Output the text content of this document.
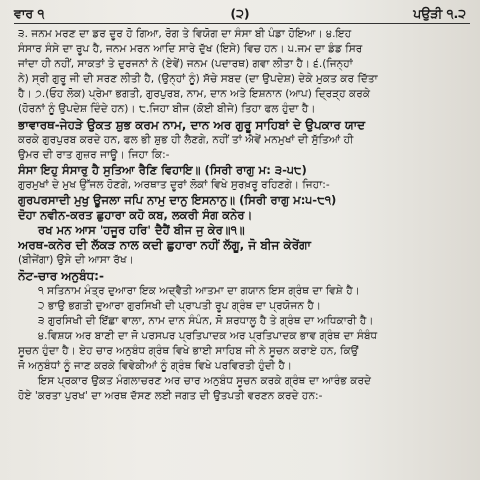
ਵਾਰ ੧	(੨)	ਪਉੜੀ ੧.੨
੩. ਜਨਮ ਮਰਣ ਦਾ ਡਰ ਦੂਰ ਹੋ ਗਿਆ, ਰੋਗ ਤੇ ਵਿਯੋਗ ਦਾ ਸੰਸਾ ਬੀ ਪੰਡਾ ਹੋਇਆ। ੪.ਇਹ
ਸੰਸਾਰ ਸੰਸੇ ਦਾ ਰੂਪ ਹੈ, ਜਨਮ ਮਰਨ ਆਦਿ ਸਾਰੇ ਦੁੱਖ (ਇਸੇ) ਵਿਚ ਹਨ। ੫.ਜਮ ਦਾ ਡੰਡ ਸਿਰ
ਜਾਂਦਾ ਹੀ ਨਹੀਂ, ਸਾਕਤਾਂ ਤੇ ਦੁਰਜਨਾਂ ਨੇ (ਏਵੇਂ) ਜਨਮ (ਪਦਾਰਥ) ਗਵਾ ਲੀਤਾ ਹੈ। ੬.(ਜਿਨ੍ਹਾਂ
ਨੇ) ਸ੍ਰੀ ਗੁਰੂ ਜੀ ਦੀ ਸਰਣ ਲੀਤੀ ਹੈ, (ਉਨ੍ਹਾਂ ਨੂੰ) ਸੱਚੇ ਸਬਦ (ਦਾ ਉਪਦੇਸ਼) ਦੇਕੇ ਮੁਕਤ ਕਰ ਦਿੱਤਾ
ਹੈ। ੭.(ਓਹ ਲੋਕ) ਪ੍ਰੇਮਾ ਭਗਤੀ, ਗੁਰਪੁਰਬ, ਨਾਮ, ਦਾਨ ਅਤੇ ਇਸ਼ਨਾਨ (ਆਪ) ਦ੍ਰਿੜ੍ਹ ਕਰਕੇ
(ਹੋਰਨਾਂ ਨੂੰ ਉਪਦੇਸ਼ ਦਿੰਦੇ ਹਨ)। ੮.ਜਿਹਾ ਬੀਜ (ਕੋਈ ਬੀਜੇ) ਤਿਹਾ ਫਲ ਹੁੰਦਾ ਹੈ।
ਭਾਵਾਰਥ-ਜੇਹੜੇ ਉਕਤ ਸ਼ੁਭ ਕਰਮ ਨਾਮ, ਦਾਨ ਅਰ ਗੁਰੂ ਸਾਹਿਬਾਂ ਦੇ ਉਪਕਾਰ ਯਾਦ
ਕਰਕੇ ਗੁਰਪੁਰਬ ਕਰਦੇ ਹਨ, ਫਲ ਭੀ ਸ਼ੁਭ ਹੀ ਲੈਣਗੇ, ਨਹੀਂ ਤਾਂ ਐਵੇਂ ਮਨਮੁਖਾਂ ਦੀ ਸੁੱਤਿਆਂ ਹੀ
ਉਮਰ ਦੀ ਰਾਤ ਗੁਜ਼ਰ ਜਾਊ। ਜਿਹਾ ਕਿ:-
ਸੰਸਾ ਇਹੁ ਸੰਸਾਰੁ ਹੈ ਸੁਤਿਆ ਰੈਣਿ ਵਿਹਾਇ॥ (ਸਿਰੀ ਰਾਗੁ ਮ: ੩-੫੮)
ਗੁਰਮੁਖਾਂ ਦੇ ਮੁਖ ਉੱਜਲ ਹੋਣਗੇ, ਅਰਥਾਤ ਦੂਰਾਂ ਲੋਕਾਂ ਵਿਖੇ ਸੁਰਖ਼ਰੂ ਰਹਿਣਗੇ। ਜਿਹਾ:-
ਗੁਰਪਰਸਾਦੀ ਮੁਖੁ ਊਜਲਾ ਜਪਿ ਨਾਮੁ ਦਾਨੁ ਇਸਨਾਨੁ॥ (ਸਿਰੀ ਰਾਗੁ ਮ:੫-੮੧)
ਦੋਹਾ ਨਵੀਨ-ਕਰਤ ਛੁਹਾਰਾ ਕਹੋ ਕਬ, ਲਕਰੀ ਸੰਗ ਕਨੇਰ।
ਰਖ ਮਨ ਆਸ 'ਹਜੂਰ ਹਰਿ' ਦੈਹੈਂ ਬੀਜ ਜੁ ਕੇਰ॥੧॥
ਅਰਥ-ਕਨੇਰ ਦੀ ਲੱਕੜ ਨਾਲ ਕਦੀ ਛੁਹਾਰਾ ਨਹੀਂ ਲੱਗੂ, ਜੋ ਬੀਜ ਕੇਰੇਂਗਾ
(ਬੀਜੇਂਗਾ) ਉਸੇ ਦੀ ਆਸਾ ਰੱਖ।
ਨੋਟ-ਚਾਰ ਅਨੁਬੰਧ:-
੧ ਸਤਿਨਾਮ ਮੰਤ੍ਰ ਦੁਆਰਾ ਇਕ ਅਦ੍ਵੈਤੀ ਆਤਮਾ ਦਾ ਗਯਾਨ ਇਸ ਗ੍ਰੰਥ ਦਾ ਵਿਸ਼ੇ ਹੈ।
੨ ਭਾਉ ਭਗਤੀ ਦੁਆਰਾ ਗੁਰਸਿਖੀ ਦੀ ਪ੍ਰਾਪਤੀ ਰੂਪ ਗ੍ਰੰਥ ਦਾ ਪ੍ਰਯੋਜਨ ਹੈ।
੩ ਗੁਰਸਿਖੀ ਦੀ ਇੱਛਾ ਵਾਲਾ, ਨਾਮ ਦਾਨ ਸੰਪੰਨ, ਸੋ ਸ਼ਰਧਾਲੂ ਹੈ ਤੇ ਗ੍ਰੰਥ ਦਾ ਅਧਿਕਾਰੀ ਹੈ।
੪.ਵਿਸ਼ਯ ਅਰ ਬਾਣੀ ਦਾ ਜੋ ਪਰਸਪਰ ਪ੍ਰਤਿਪਾਦਕ ਅਰ ਪ੍ਰਤਿਪਾਦਕ ਭਾਵ ਗ੍ਰੰਥ ਦਾ ਸੰਬੰਧ
ਸੂਚਨ ਹੁੰਦਾ ਹੈ। ਏਹ ਚਾਰ ਅਨੁਬੰਧ ਗ੍ਰੰਥ ਵਿਖੇ ਭਾਈ ਸਾਹਿਬ ਜੀ ਨੇ ਸੂਚਨ ਕਰਾਏ ਹਨ, ਕਿਉਂ
ਜੋ ਅਨੁਬੰਧਾਂ ਨੂੰ ਜਾਣ ਕਰਕੇ ਵਿਵੇਕੀਆਂ ਨੂੰ ਗ੍ਰੰਥ ਵਿਖੇ ਪਰਵਿਰਤੀ ਹੁੰਦੀ ਹੈ।
ਇਸ ਪ੍ਰਕਾਰ ਉਕਤ ਮੰਗਲਾਚਰਣ ਅਰ ਚਾਰ ਅਨੁਬੰਧ ਸੂਚਨ ਕਰਕੇ ਗ੍ਰੰਥ ਦਾ ਆਰੰਭ ਕਰਦੇ
ਹੋਏ 'ਕਰਤਾ ਪੁਰਖ' ਦਾ ਅਰਥ ਦੱਸਣ ਲਈ ਜਗਤ ਦੀ ਉਤਪਤੀ ਵਰਣਨ ਕਰਦੇ ਹਨ:-
